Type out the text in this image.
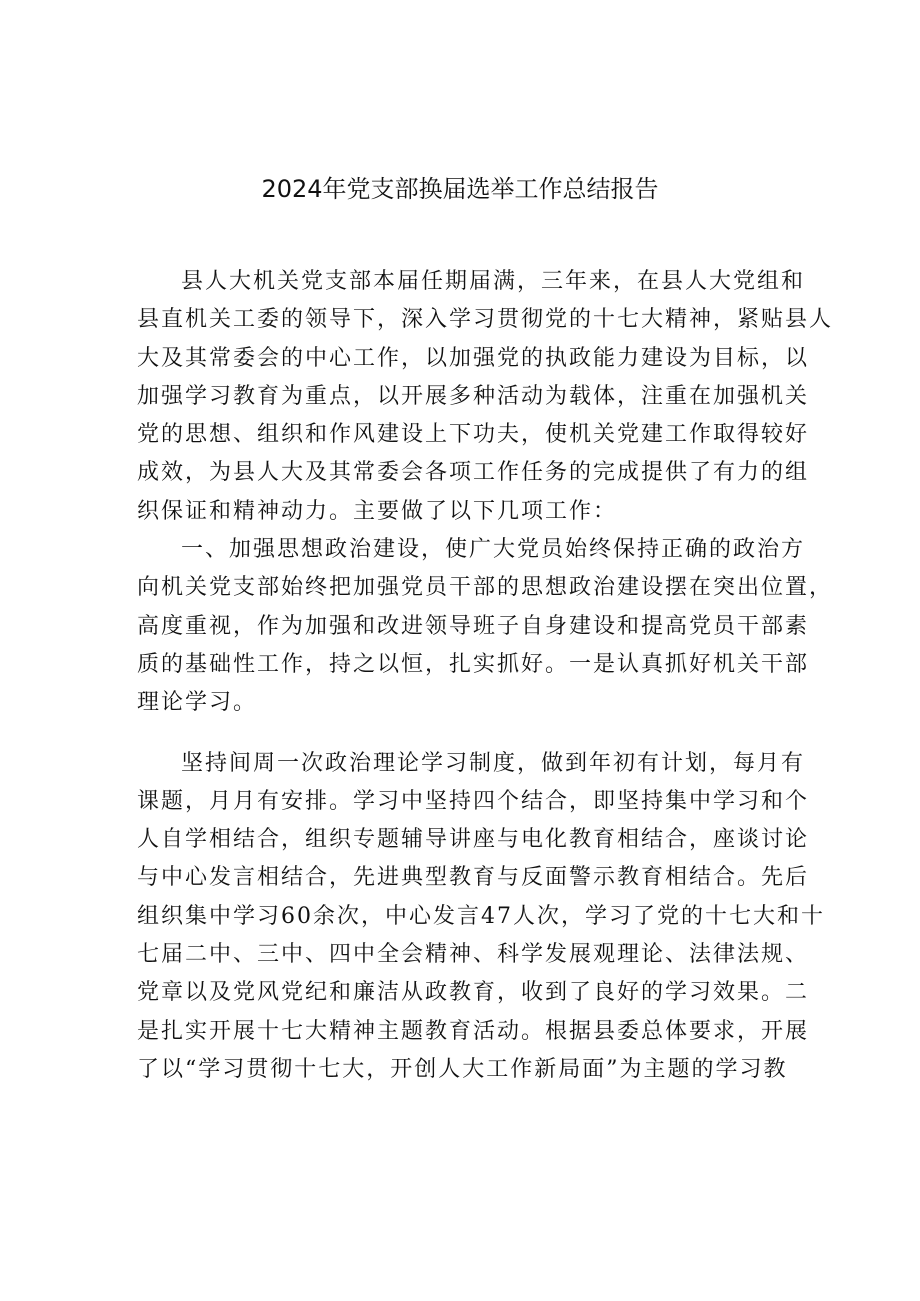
2024年党支部换届选举工作总结报告
县人大机关党支部本届任期届满，三年来，在县人大党组和
县直机关工委的领导下，深入学习贯彻党的十七大精神，紧贴县人
大及其常委会的中心工作，以加强党的执政能力建设为目标，以
加强学习教育为重点，以开展多种活动为载体，注重在加强机关
党的思想、组织和作风建设上下功夫，使机关党建工作取得较好
成效，为县人大及其常委会各项工作任务的完成提供了有力的组
织保证和精神动力。主要做了以下几项工作：
一、加强思想政治建设，使广大党员始终保持正确的政治方
向机关党支部始终把加强党员干部的思想政治建设摆在突出位置，
高度重视，作为加强和改进领导班子自身建设和提高党员干部素
质的基础性工作，持之以恒，扎实抓好。一是认真抓好机关干部
理论学习。
坚持间周一次政治理论学习制度，做到年初有计划，每月有
课题，月月有安排。学习中坚持四个结合，即坚持集中学习和个
人自学相结合，组织专题辅导讲座与电化教育相结合，座谈讨论
与中心发言相结合，先进典型教育与反面警示教育相结合。先后
组织集中学习60余次，中心发言47人次，学习了党的十七大和十
七届二中、三中、四中全会精神、科学发展观理论、法律法规、
党章以及党风党纪和廉洁从政教育，收到了良好的学习效果。二
是扎实开展十七大精神主题教育活动。根据县委总体要求，开展
了以“学习贯彻十七大，开创人大工作新局面”为主题的学习教
